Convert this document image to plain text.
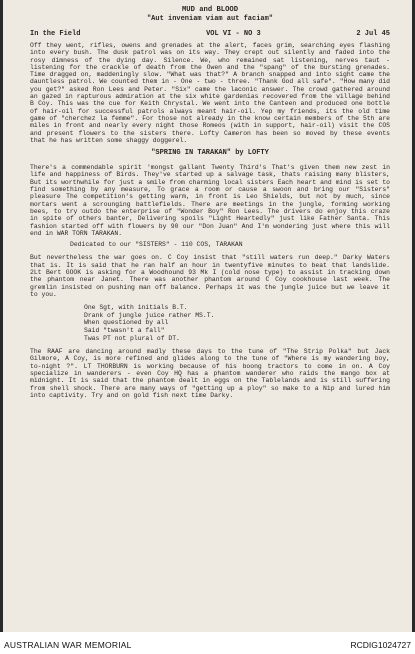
MUD and BLOOD
"Aut inveniam viam aut faciam"
In the Field	VOL VI - NO 3	2 Jul 45
Off they went, rifles, owens and grenades at the alert, faces grim, searching eyes flashing into every bush. The dusk patrol was on its way. They crept out silently and faded into the rosy dimness of the dying day. Silence. We, who remained sat listening, nerves taut - listening for the crackle of death from the Owen and the "spang" of the bursting grenades. Time dragged on, maddeningly slow. "What was that?" A branch snapped and into sight came the dauntless patrol. We counted them in - One - two - three. "Thank God all safe". "How many did you get?" asked Ron Lees and Peter. "Six" came the laconic answer. The crowd gathered around an gazed in rapturous admiration at the six white gardenias recovered from the village behind B Coy. This was the cue for Keith Chrystal. We went into the Canteen and produced one bottle of hair-oil for successful patrols always meant hair-oil. Yep my friends, its the old time game of "cherchez la femme". For those not already in the know certain members of the 5th are miles in front and nearly every night those Romeos (with in support, hair-oil) visit the COS and present flowers to the sisters there. Lofty Cameron has been so moved by these events that he has written some shaggy doggerel.
"SPRING IN TARAKAN" by LOFTY
There's a commendable spirit 'mongst gallant Twenty Third's That's given them new zest in life and happiness of Birds. They've started up a salvage task, thats raising many blisters, But its worthwhile for just a smile from charming local sisters Each heart and mind is set to find something by any measure, To grace a room or cause a swoon and bring our "Sisters" pleasure The competition's getting warm, in front is Leo Shields, but not by much, since mortars went a scrounging battlefields. There are meetings in the jungle, forming working bees, to try outdo the enterprise of "Wonder Boy" Ron Lees. The drivers do enjoy this craze in spite of others banter, Delivering spoils "Light Heartedly" just like Father Santa. This fashion started off with flowers by 90 our "Don Juan" And I'm wondering just where this will end in WAR TORN TARAKAN.
Dedicated to our "SISTERS" - 110 COS, TARAKAN
But nevertheless the war goes on. C Coy insist that "still waters run deep." Darky Waters that is. It is said that he ran half an hour in twentyfive minutes to beat that landslide. 2Lt Bert GOOK is asking for a Woodhound 93 Mk I (cold nose type) to assist in tracking down the phantom near Janet. There was another phantom around C Coy cookhouse last week. The gremlin insisted on pushing man off balance. Perhaps it was the jungle juice but we leave it to you.
One Sgt, with initials B.T.
Drank of jungle juice rather MS.T.
When questioned by all
Said "twasn't a fall"
Twas PT not plural of DT.
The RAAF are dancing around madly these days to the tune of "The Strip Polka" but Jack Gilmore, A Coy, is more refined and glides along to the tune of "Where is my wandering boy, to-night ?". LT THORBURN is working because of his boong tractors to come in on. A Coy specialize in wanderers - even Coy HQ has a phantom wanderer who raids the mango box at midnight. It is said that the phantom dealt in eggs on the Tablelands and is still suffering from shell shock. There are many ways of "getting up a ploy" so make to a Nip and lured him into captivity. Try and on gold fish next time Darky.
AUSTRALIAN WAR MEMORIAL	RCDIG1024727
